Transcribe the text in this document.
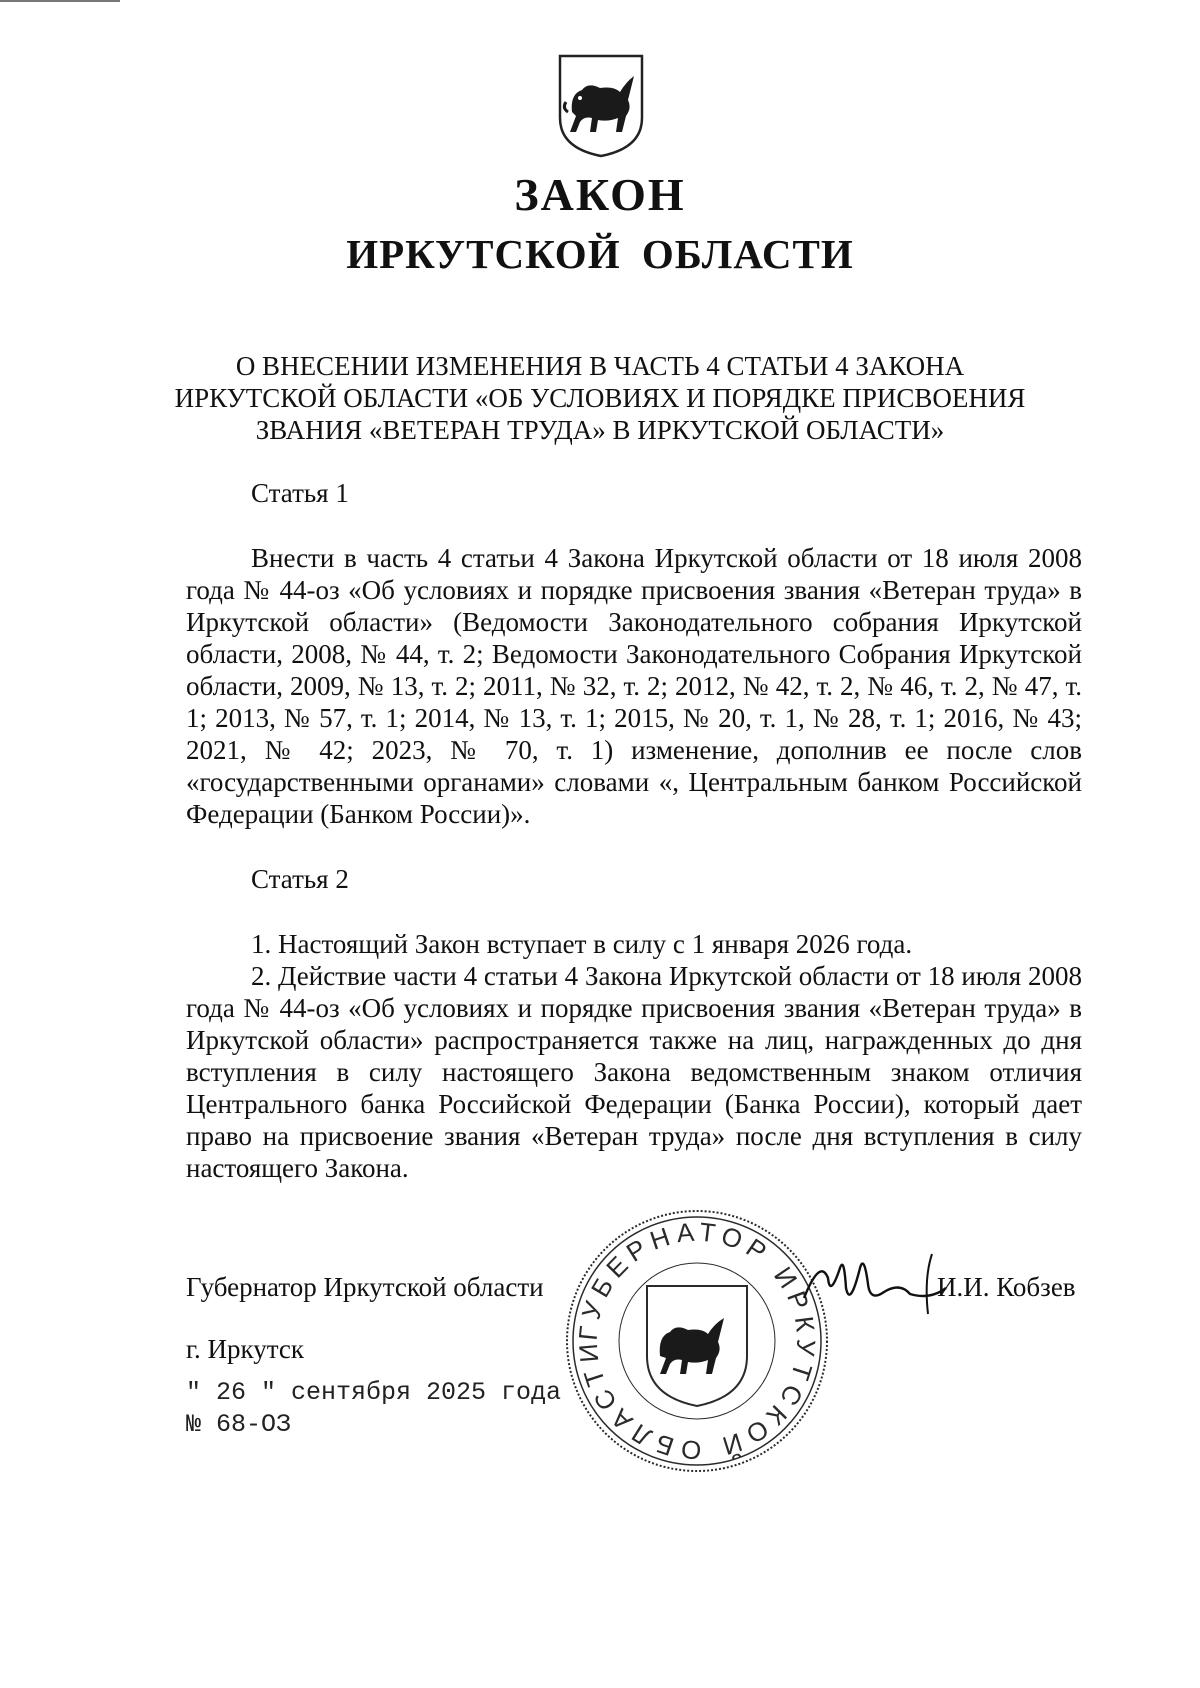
ЗАКОН
ИРКУТСКОЙ ОБЛАСТИ
О ВНЕСЕНИИ ИЗМЕНЕНИЯ В ЧАСТЬ 4 СТАТЬИ 4 ЗАКОНА
ИРКУТСКОЙ ОБЛАСТИ «ОБ УСЛОВИЯХ И ПОРЯДКЕ ПРИСВОЕНИЯ
ЗВАНИЯ «ВЕТЕРАН ТРУДА» В ИРКУТСКОЙ ОБЛАСТИ»
Статья 1
Внести в часть 4 статьи 4 Закона Иркутской области от 18 июля 2008 года № 44-оз «Об условиях и порядке присвоения звания «Ветеран труда» в Иркутской области» (Ведомости Законодательного собрания Иркутской области, 2008, № 44, т. 2; Ведомости Законодательного Собрания Иркутской области, 2009, № 13, т. 2; 2011, № 32, т. 2; 2012, № 42, т. 2, № 46, т. 2, № 47, т. 1; 2013, № 57, т. 1; 2014, № 13, т. 1; 2015, № 20, т. 1, № 28, т. 1; 2016, № 43; 2021, № 42; 2023, № 70, т. 1) изменение, дополнив ее после слов «государственными органами» словами «, Центральным банком Российской Федерации (Банком России)».
Статья 2
1. Настоящий Закон вступает в силу с 1 января 2026 года.
2. Действие части 4 статьи 4 Закона Иркутской области от 18 июля 2008 года № 44-оз «Об условиях и порядке присвоения звания «Ветеран труда» в Иркутской области» распространяется также на лиц, награжденных до дня вступления в силу настоящего Закона ведомственным знаком отличия Центрального банка Российской Федерации (Банка России), который дает право на присвоение звания «Ветеран труда» после дня вступления в силу настоящего Закона.
Губернатор Иркутской области
г. Иркутск
" 26 " сентября 2025 года
№ 68-ОЗ
ГУБЕРНАТОР ИРКУТСКОЙ ОБЛАСТИ
И.И. Кобзев
